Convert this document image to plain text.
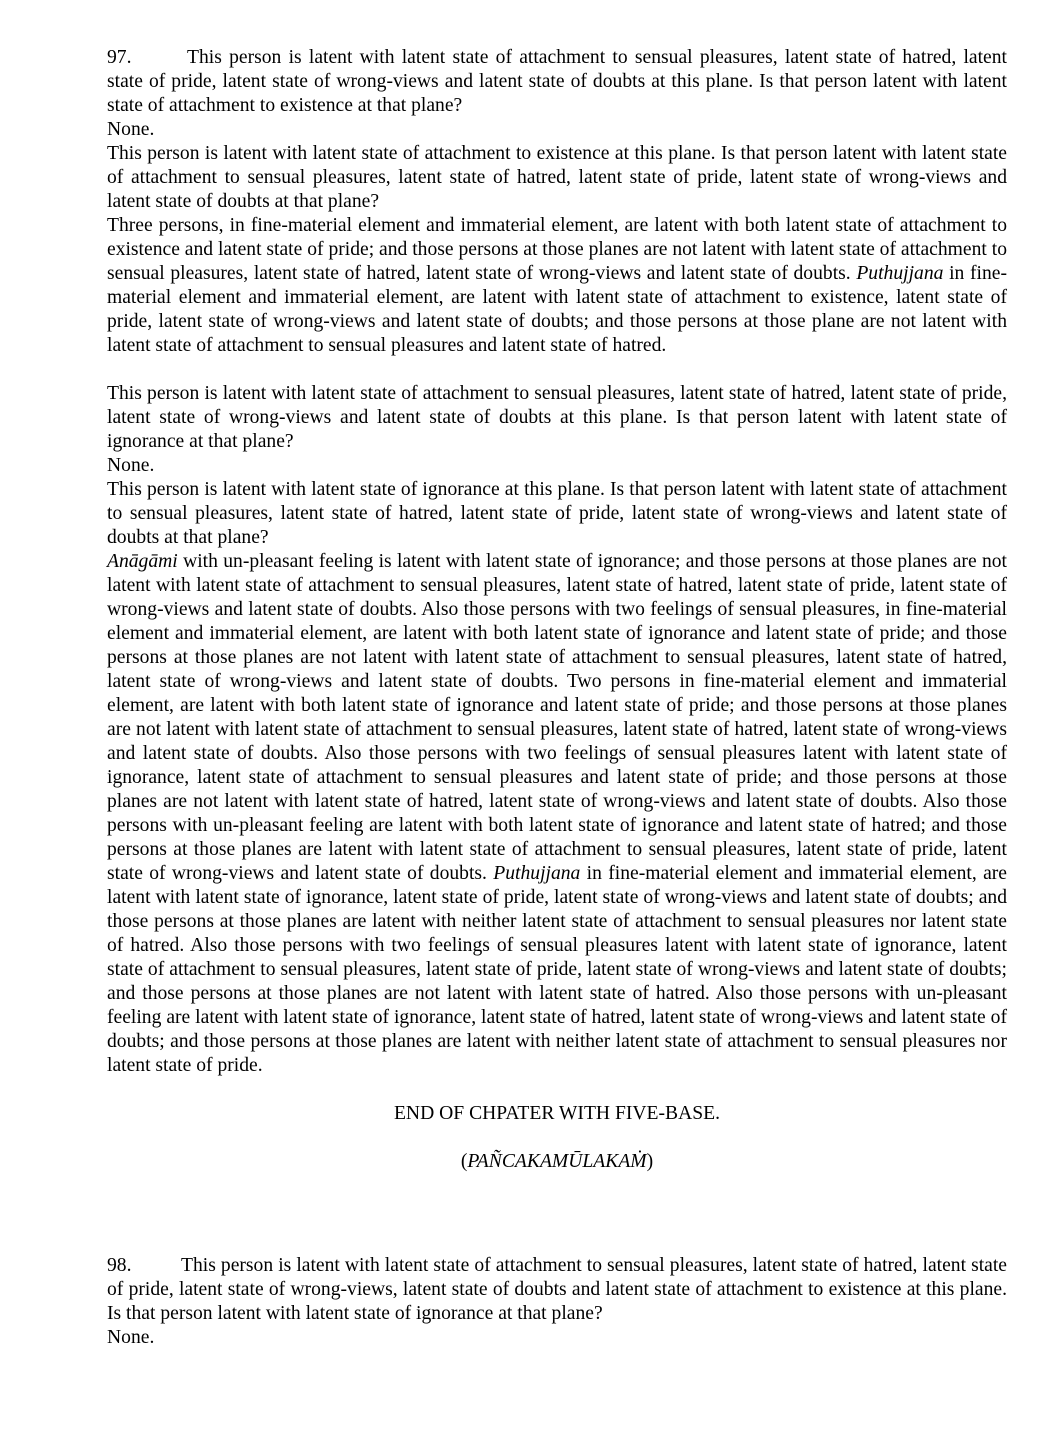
97.	This person is latent with latent state of attachment to sensual pleasures, latent state of hatred, latent state of pride, latent state of wrong-views and latent state of doubts at this plane. Is that person latent with latent state of attachment to existence at that plane?

None.

This person is latent with latent state of attachment to existence at this plane. Is that person latent with latent state of attachment to sensual pleasures, latent state of hatred, latent state of pride, latent state of wrong-views and latent state of doubts at that plane?

Three persons, in fine-material element and immaterial element, are latent with both latent state of attachment to existence and latent state of pride; and those persons at those planes are not latent with latent state of attachment to sensual pleasures, latent state of hatred, latent state of wrong-views and latent state of doubts. Puthujjana in fine-material element and immaterial element, are latent with latent state of attachment to existence, latent state of pride, latent state of wrong-views and latent state of doubts; and those persons at those plane are not latent with latent state of attachment to sensual pleasures and latent state of hatred.

This person is latent with latent state of attachment to sensual pleasures, latent state of hatred, latent state of pride, latent state of wrong-views and latent state of doubts at this plane. Is that person latent with latent state of ignorance at that plane?

None.

This person is latent with latent state of ignorance at this plane. Is that person latent with latent state of attachment to sensual pleasures, latent state of hatred, latent state of pride, latent state of wrong-views and latent state of doubts at that plane?

Anāgāmi with un-pleasant feeling is latent with latent state of ignorance; and those persons at those planes are not latent with latent state of attachment to sensual pleasures, latent state of hatred, latent state of pride, latent state of wrong-views and latent state of doubts. Also those persons with two feelings of sensual pleasures, in fine-material element and immaterial element, are latent with both latent state of ignorance and latent state of pride; and those persons at those planes are not latent with latent state of attachment to sensual pleasures, latent state of hatred, latent state of wrong-views and latent state of doubts. Two persons in fine-material element and immaterial element, are latent with both latent state of ignorance and latent state of pride; and those persons at those planes are not latent with latent state of attachment to sensual pleasures, latent state of hatred, latent state of wrong-views and latent state of doubts. Also those persons with two feelings of sensual pleasures latent with latent state of ignorance, latent state of attachment to sensual pleasures and latent state of pride; and those persons at those planes are not latent with latent state of hatred, latent state of wrong-views and latent state of doubts. Also those persons with un-pleasant feeling are latent with both latent state of ignorance and latent state of hatred; and those persons at those planes are latent with latent state of attachment to sensual pleasures, latent state of pride, latent state of wrong-views and latent state of doubts. Puthujjana in fine-material element and immaterial element, are latent with latent state of ignorance, latent state of pride, latent state of wrong-views and latent state of doubts; and those persons at those planes are latent with neither latent state of attachment to sensual pleasures nor latent state of hatred. Also those persons with two feelings of sensual pleasures latent with latent state of ignorance, latent state of attachment to sensual pleasures, latent state of pride, latent state of wrong-views and latent state of doubts; and those persons at those planes are not latent with latent state of hatred. Also those persons with un-pleasant feeling are latent with latent state of ignorance, latent state of hatred, latent state of wrong-views and latent state of doubts; and those persons at those planes are latent with neither latent state of attachment to sensual pleasures nor latent state of pride.

END OF CHPATER WITH FIVE-BASE.

(PAÑCAKAMŪLAKAṀ)

98.	This person is latent with latent state of attachment to sensual pleasures, latent state of hatred, latent state of pride, latent state of wrong-views, latent state of doubts and latent state of attachment to existence at this plane. Is that person latent with latent state of ignorance at that plane?

None.
